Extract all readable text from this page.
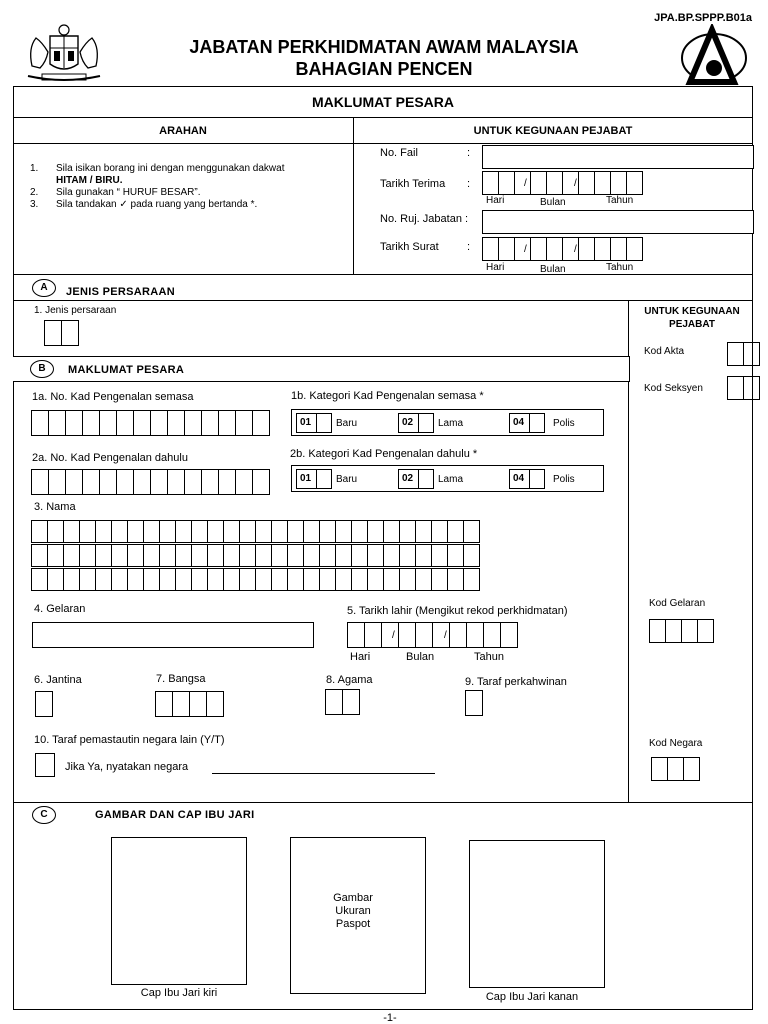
JPA.BP.SPPP.B01a
JABATAN PERKHIDMATAN AWAM MALAYSIA
BAHAGIAN PENCEN
MAKLUMAT PESARA
ARAHAN	UNTUK KEGUNAAN PEJABAT
1.	Sila isikan borang ini dengan menggunakan dakwat
HITAM / BIRU.
2.	Sila gunakan “ HURUF BESAR”.
3.	Sila tandakan ✓ pada ruang yang bertanda *.
No. Fail	:
Tarikh Terima :	/	/
Hari	Bulan	Tahun
No. Ruj. Jabatan :
Tarikh Surat	:	/	/
Hari	Bulan	Tahun
A	JENIS PERSARAAN
1. Jenis persaraan	UNTUK KEGUNAAN
PEJABAT
Kod Akta
Kod Seksyen
B	MAKLUMAT PESARA
1a. No. Kad Pengenalan semasa	1b. Kategori Kad Pengenalan semasa *
01	Baru	02	Lama	04	Polis
2a. No. Kad Pengenalan dahulu	2b. Kategori Kad Pengenalan dahulu *
01	Baru	02	Lama	04	Polis
3. Nama
4. Gelaran	5. Tarikh lahir (Mengikut rekod perkhidmatan)
/	/
Hari	Bulan	Tahun
Kod Gelaran
6. Jantina	7. Bangsa	8. Agama	9. Taraf perkahwinan
10. Taraf pemastautin negara lain (Y/T)
Jika Ya, nyatakan negara
Kod Negara
C	GAMBAR DAN CAP IBU JARI
Cap Ibu Jari kiri
Gambar
Ukuran
Paspot
Cap Ibu Jari kanan
-1-
